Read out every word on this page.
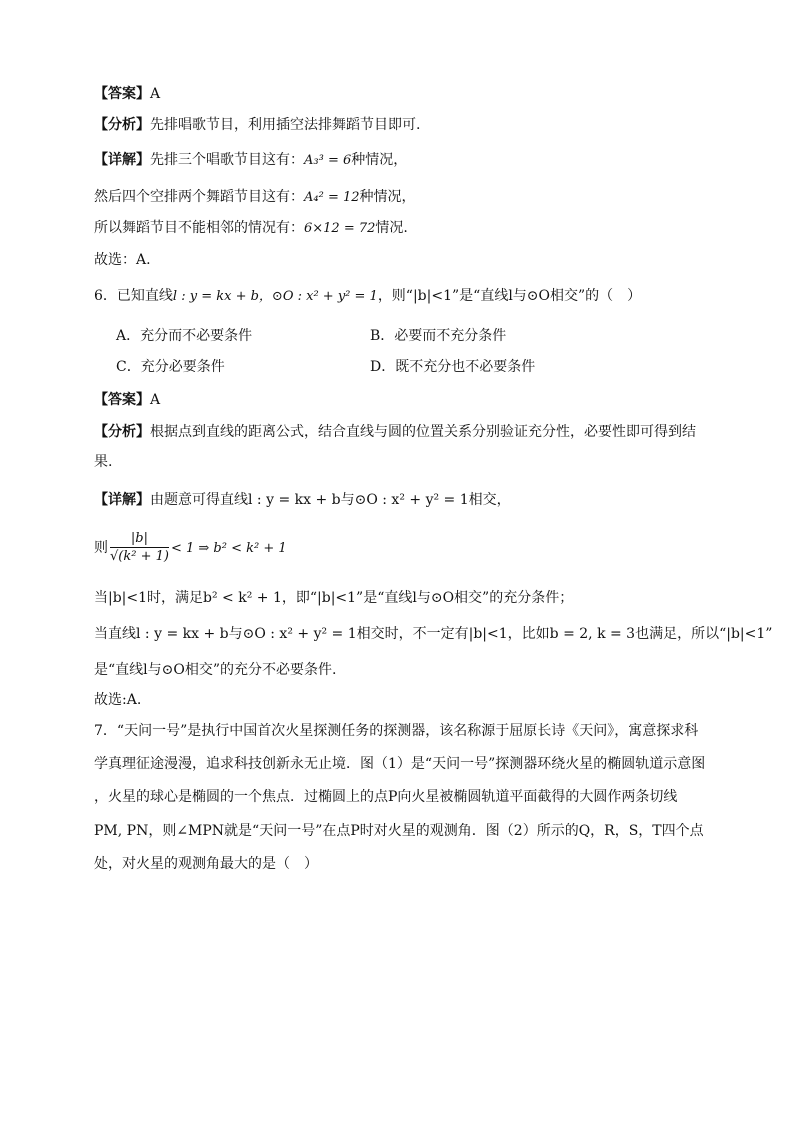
【答案】A
【分析】先排唱歌节目，利用插空法排舞蹈节目即可.
【详解】先排三个唱歌节目这有：A₃³ = 6种情况，
然后四个空排两个舞蹈节目这有：A₄² = 12种情况，
所以舞蹈节目不能相邻的情况有：6×12 = 72情况.
故选：A.
6．已知直线l : y = kx + b，⊙O : x² + y² = 1，则“|b|<1”是“直线l与⊙O相交”的（　）
A．充分而不必要条件	B．必要而不充分条件
C．充分必要条件	D．既不充分也不必要条件
【答案】A
【分析】根据点到直线的距离公式，结合直线与圆的位置关系分别验证充分性，必要性即可得到结
果.
【详解】由题意可得直线l : y = kx + b与⊙O : x² + y² = 1相交，
则 $\frac{|b|}{\text{√(k² + 1)}} < 1$ ⇒ b² < k² + 1
当|b|<1时，满足b² < k² + 1，即“|b|<1”是“直线l与⊙O相交”的充分条件；
当直线l : y = kx + b与⊙O : x² + y² = 1相交时，不一定有|b|<1，比如b = 2, k = 3也满足，所以“|b|<1”
是“直线l与⊙O相交”的充分不必要条件.
故选:A.
7．“天问一号”是执行中国首次火星探测任务的探测器，该名称源于屈原长诗《天问》，寓意探求科
学真理征途漫漫，追求科技创新永无止境．图（1）是“天问一号”探测器环绕火星的椭圆轨道示意图
，火星的球心是椭圆的一个焦点．过椭圆上的点P向火星被椭圆轨道平面截得的大圆作两条切线
PM, PN，则∠MPN就是“天问一号”在点P时对火星的观测角．图（2）所示的Q，R，S，T四个点
处，对火星的观测角最大的是（　）
